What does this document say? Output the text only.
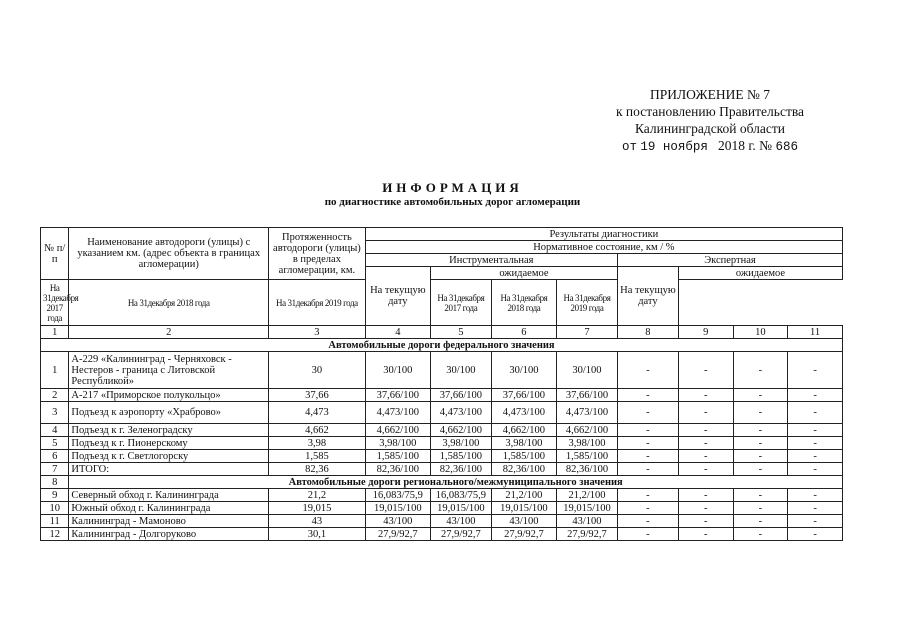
ПРИЛОЖЕНИЕ № 7
к постановлению Правительства
Калининградской области
от 19 ноября 2018 г. № 686
ИНФОРМАЦИЯ
по диагностике автомобильных дорог агломерации
№ п/п	Наименование автодороги (улицы) с указанием км. (адрес объекта в границах агломерации)	Протяженность автодороги (улицы) в пределах агломерации, км.	Результаты диагностики							
			Нормативное состояние, км / %							
			Инструментальная				Экспертная			
			На текущую дату	ожидаемое			На текущую дату	ожидаемое		
На 31декабря 2017 года	На 31декабря 2018 года	На 31декабря 2019 года		На 31декабря 2017 года	На 31декабря 2018 года	На 31декабря 2019 года				
1	2	3	4	5	6	7	8	9	10	11
Автомобильные дороги федерального значения										
1	А-229 «Калининград - Черняховск - Нестеров - граница с Литовской Республикой»	30	30/100	30/100	30/100	30/100	-	-	-	-
2	А-217 «Приморское полукольцо»	37,66	37,66/100	37,66/100	37,66/100	37,66/100	-	-	-	-
3	Подъезд к аэропорту «Храброво»	4,473	4,473/100	4,473/100	4,473/100	4,473/100	-	-	-	-
4	Подъезд к г. Зеленоградску	4,662	4,662/100	4,662/100	4,662/100	4,662/100	-	-	-	-
5	Подъезд к г. Пионерскому	3,98	3,98/100	3,98/100	3,98/100	3,98/100	-	-	-	-
6	Подъезд к г. Светлогорску	1,585	1,585/100	1,585/100	1,585/100	1,585/100	-	-	-	-
7	ИТОГО:	82,36	82,36/100	82,36/100	82,36/100	82,36/100	-	-	-	-
8	Автомобильные дороги регионального/межмуниципального значения									
9	Северный обход г. Калининграда	21,2	16,083/75,9	16,083/75,9	21,2/100	21,2/100	-	-	-	-
10	Южный обход г. Калининграда	19,015	19,015/100	19,015/100	19,015/100	19,015/100	-	-	-	-
11	Калининград - Мамоново	43	43/100	43/100	43/100	43/100	-	-	-	-
12	Калининград - Долгоруково	30,1	27,9/92,7	27,9/92,7	27,9/92,7	27,9/92,7	-	-	-	-
